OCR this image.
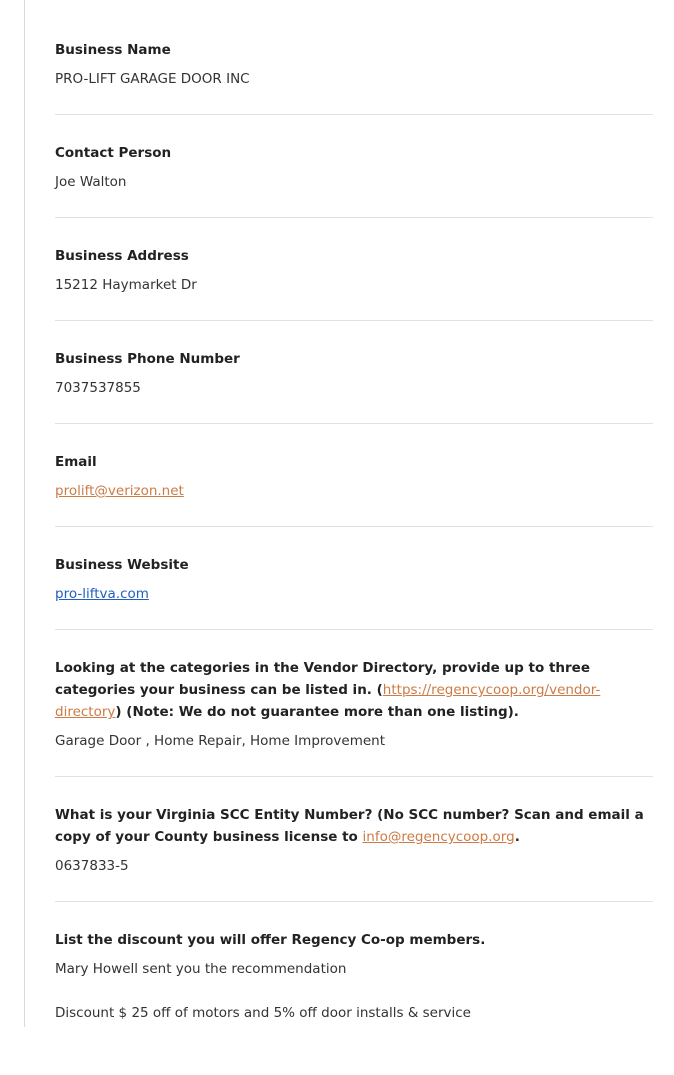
Business Name

PRO-LIFT GARAGE DOOR INC

Contact Person

Joe Walton

Business Address

15212 Haymarket Dr

Business Phone Number

7037537855

Email

prolift@verizon.net

Business Website

pro-liftva.com

Looking at the categories in the Vendor Directory, provide up to three categories your business can be listed in. (https://regencycoop.org/vendor-directory) (Note: We do not guarantee more than one listing).

Garage Door , Home Repair, Home Improvement

What is your Virginia SCC Entity Number? (No SCC number? Scan and email a copy of your County business license to info@regencycoop.org.

0637833-5

List the discount you will offer Regency Co-op members.

Mary Howell sent you the recommendation

Discount $ 25 off of motors and 5% off door installs & service
